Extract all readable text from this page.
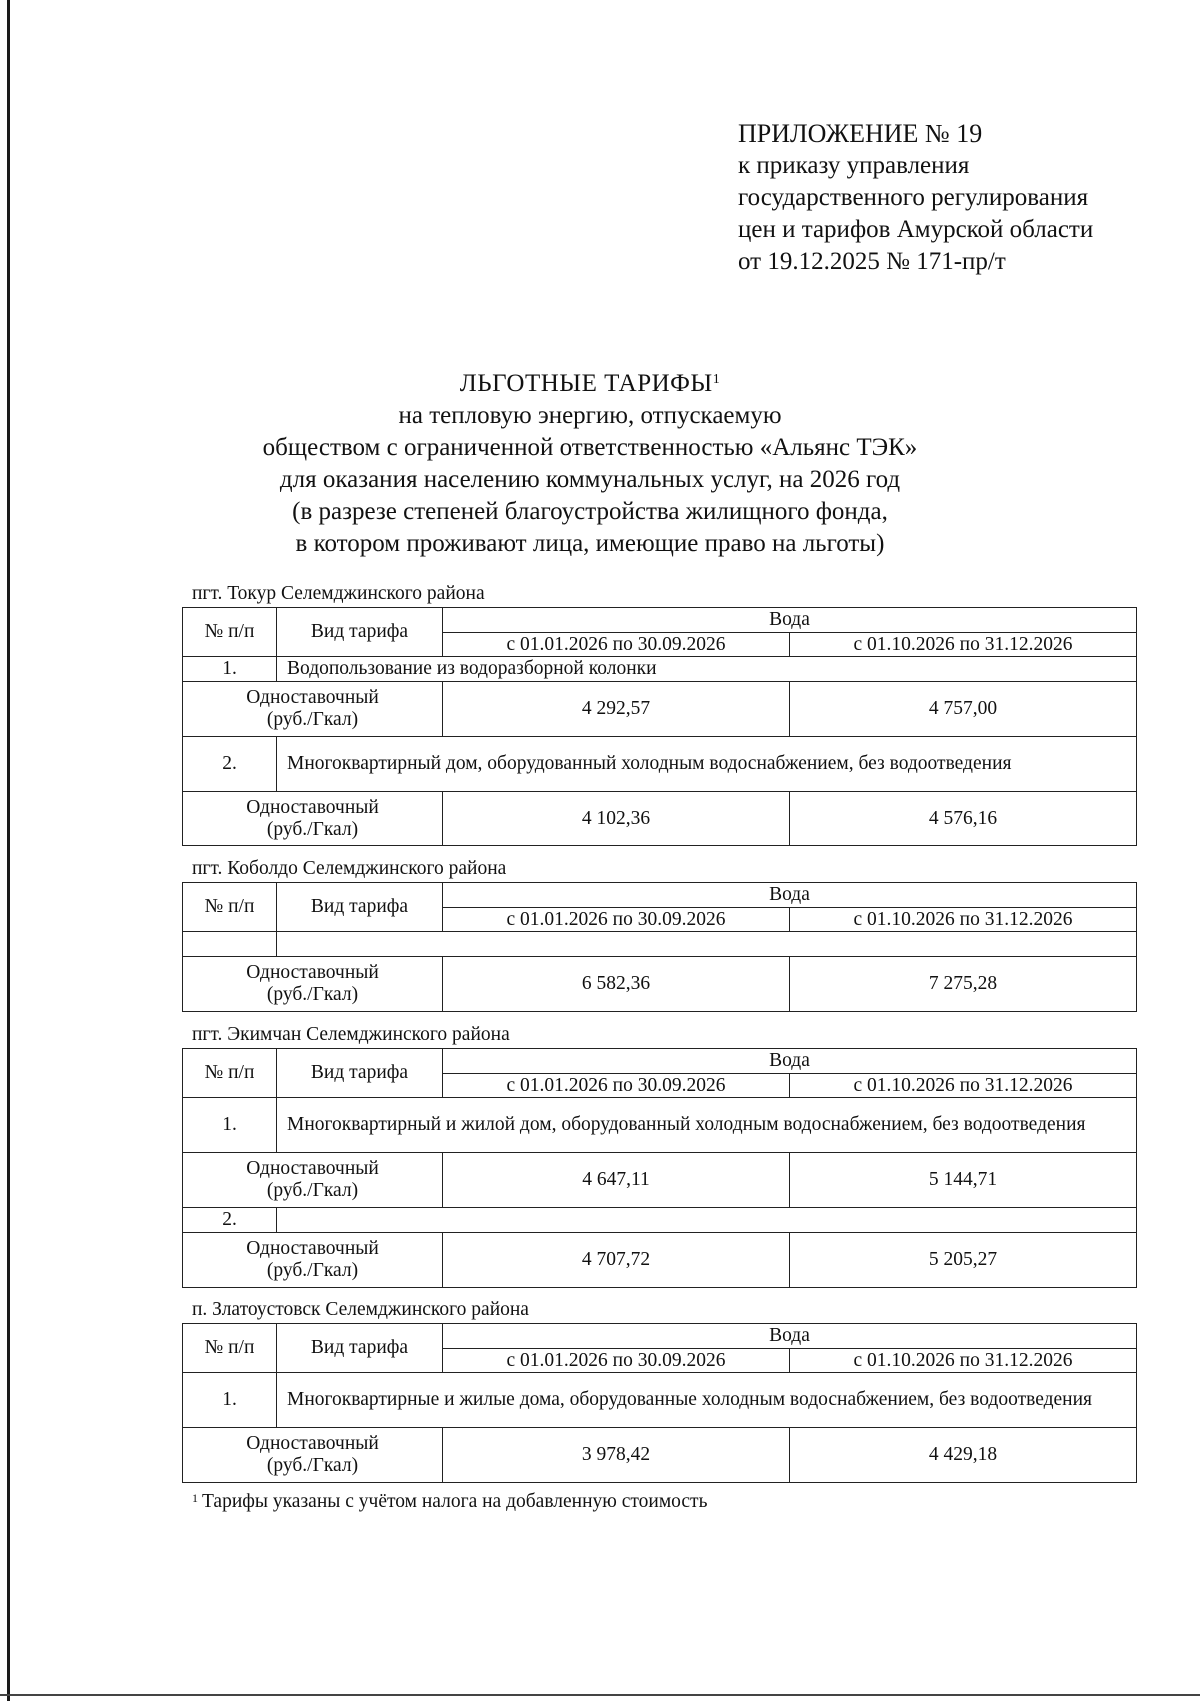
ПРИЛОЖЕНИЕ № 19
к приказу управления
государственного регулирования
цен и тарифов Амурской области
от 19.12.2025 № 171-пр/т
ЛЬГОТНЫЕ ТАРИФЫ$^1$
на тепловую энергию, отпускаемую
обществом с ограниченной ответственностью «Альянс ТЭК»
для оказания населению коммунальных услуг, на 2026 год
(в разрезе степеней благоустройства жилищного фонда,
в котором проживают лица, имеющие право на льготы)
пгт. Токур Селемджинского района
№ п/п	Вид тарифа	Вода	
		с 01.01.2026 по 30.09.2026	с 01.10.2026 по 31.12.2026
1.	Водопользование из водоразборной колонки		

Одноставочный
(руб./Гкал)		4 292,57	4 757,00
2.	Многоквартирный дом, оборудованный холодным водоснабжением, без водоотведения		

Одноставочный
(руб./Гкал)		4 102,36	4 576,16
пгт. Коболдо Селемджинского района
№ п/п	Вид тарифа	Вода	
		с 01.01.2026 по 30.09.2026	с 01.10.2026 по 31.12.2026

Одноставочный
(руб./Гкал)		6 582,36	7 275,28
пгт. Экимчан Селемджинского района
№ п/п	Вид тарифа	Вода	
		с 01.01.2026 по 30.09.2026	с 01.10.2026 по 31.12.2026
1.	Многоквартирный и жилой дом, оборудованный холодным водоснабжением, без водоотведения		

Одноставочный
(руб./Гкал)		4 647,11	5 144,71
2.			

Одноставочный
(руб./Гкал)		4 707,72	5 205,27
п. Златоустовск Селемджинского района
№ п/п	Вид тарифа	Вода	
		с 01.01.2026 по 30.09.2026	с 01.10.2026 по 31.12.2026
1.	Многоквартирные и жилые дома, оборудованные холодным водоснабжением, без водоотведения		

Одноставочный
(руб./Гкал)		3 978,42	4 429,18
$^1$ Тарифы указаны с учётом налога на добавленную стоимость
